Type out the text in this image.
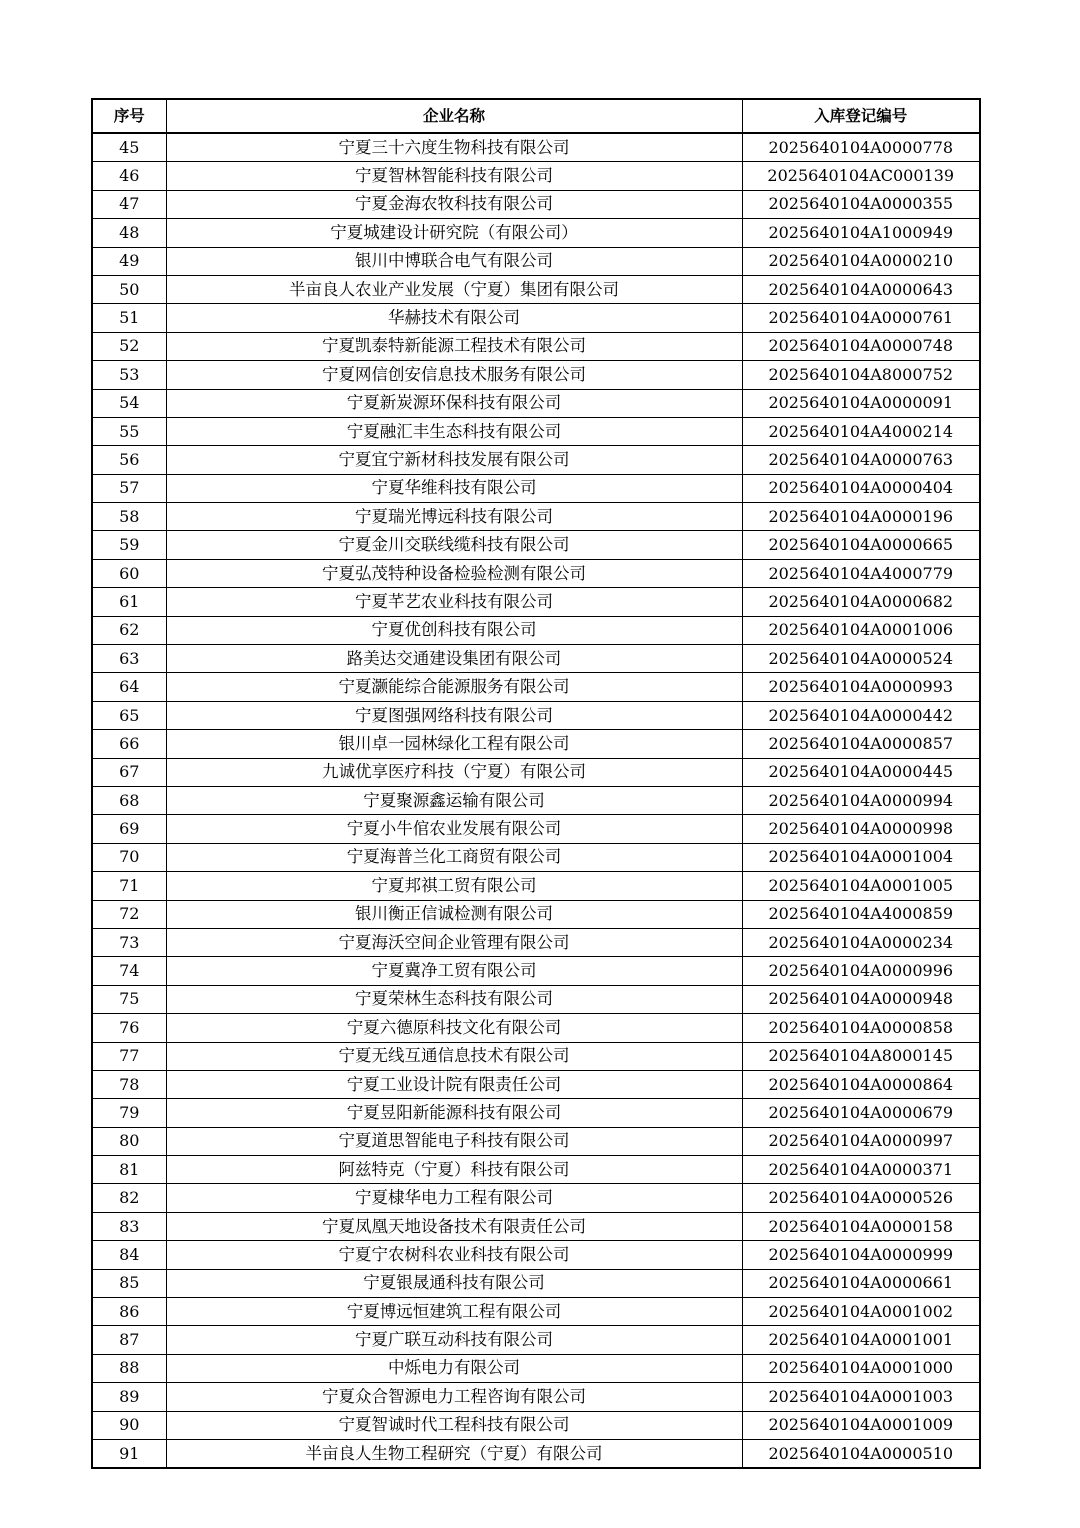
序号	企业名称	入库登记编号
45	宁夏三十六度生物科技有限公司	2025640104A0000778
46	宁夏智林智能科技有限公司	2025640104AC000139
47	宁夏金海农牧科技有限公司	2025640104A0000355
48	宁夏城建设计研究院（有限公司）	2025640104A1000949
49	银川中博联合电气有限公司	2025640104A0000210
50	半亩良人农业产业发展（宁夏）集团有限公司	2025640104A0000643
51	华赫技术有限公司	2025640104A0000761
52	宁夏凯泰特新能源工程技术有限公司	2025640104A0000748
53	宁夏网信创安信息技术服务有限公司	2025640104A8000752
54	宁夏新炭源环保科技有限公司	2025640104A0000091
55	宁夏融汇丰生态科技有限公司	2025640104A4000214
56	宁夏宜宁新材科技发展有限公司	2025640104A0000763
57	宁夏华维科技有限公司	2025640104A0000404
58	宁夏瑞光博远科技有限公司	2025640104A0000196
59	宁夏金川交联线缆科技有限公司	2025640104A0000665
60	宁夏弘茂特种设备检验检测有限公司	2025640104A4000779
61	宁夏芊艺农业科技有限公司	2025640104A0000682
62	宁夏优创科技有限公司	2025640104A0001006
63	路美达交通建设集团有限公司	2025640104A0000524
64	宁夏灏能综合能源服务有限公司	2025640104A0000993
65	宁夏图强网络科技有限公司	2025640104A0000442
66	银川卓一园林绿化工程有限公司	2025640104A0000857
67	九诚优享医疗科技（宁夏）有限公司	2025640104A0000445
68	宁夏聚源鑫运输有限公司	2025640104A0000994
69	宁夏小牛倌农业发展有限公司	2025640104A0000998
70	宁夏海普兰化工商贸有限公司	2025640104A0001004
71	宁夏邦祺工贸有限公司	2025640104A0001005
72	银川衡正信诚检测有限公司	2025640104A4000859
73	宁夏海沃空间企业管理有限公司	2025640104A0000234
74	宁夏冀净工贸有限公司	2025640104A0000996
75	宁夏荣林生态科技有限公司	2025640104A0000948
76	宁夏六德原科技文化有限公司	2025640104A0000858
77	宁夏无线互通信息技术有限公司	2025640104A8000145
78	宁夏工业设计院有限责任公司	2025640104A0000864
79	宁夏昱阳新能源科技有限公司	2025640104A0000679
80	宁夏道思智能电子科技有限公司	2025640104A0000997
81	阿兹特克（宁夏）科技有限公司	2025640104A0000371
82	宁夏棣华电力工程有限公司	2025640104A0000526
83	宁夏凤凰天地设备技术有限责任公司	2025640104A0000158
84	宁夏宁农树科农业科技有限公司	2025640104A0000999
85	宁夏银晟通科技有限公司	2025640104A0000661
86	宁夏博远恒建筑工程有限公司	2025640104A0001002
87	宁夏广联互动科技有限公司	2025640104A0001001
88	中烁电力有限公司	2025640104A0001000
89	宁夏众合智源电力工程咨询有限公司	2025640104A0001003
90	宁夏智诚时代工程科技有限公司	2025640104A0001009
91	半亩良人生物工程研究（宁夏）有限公司	2025640104A0000510
